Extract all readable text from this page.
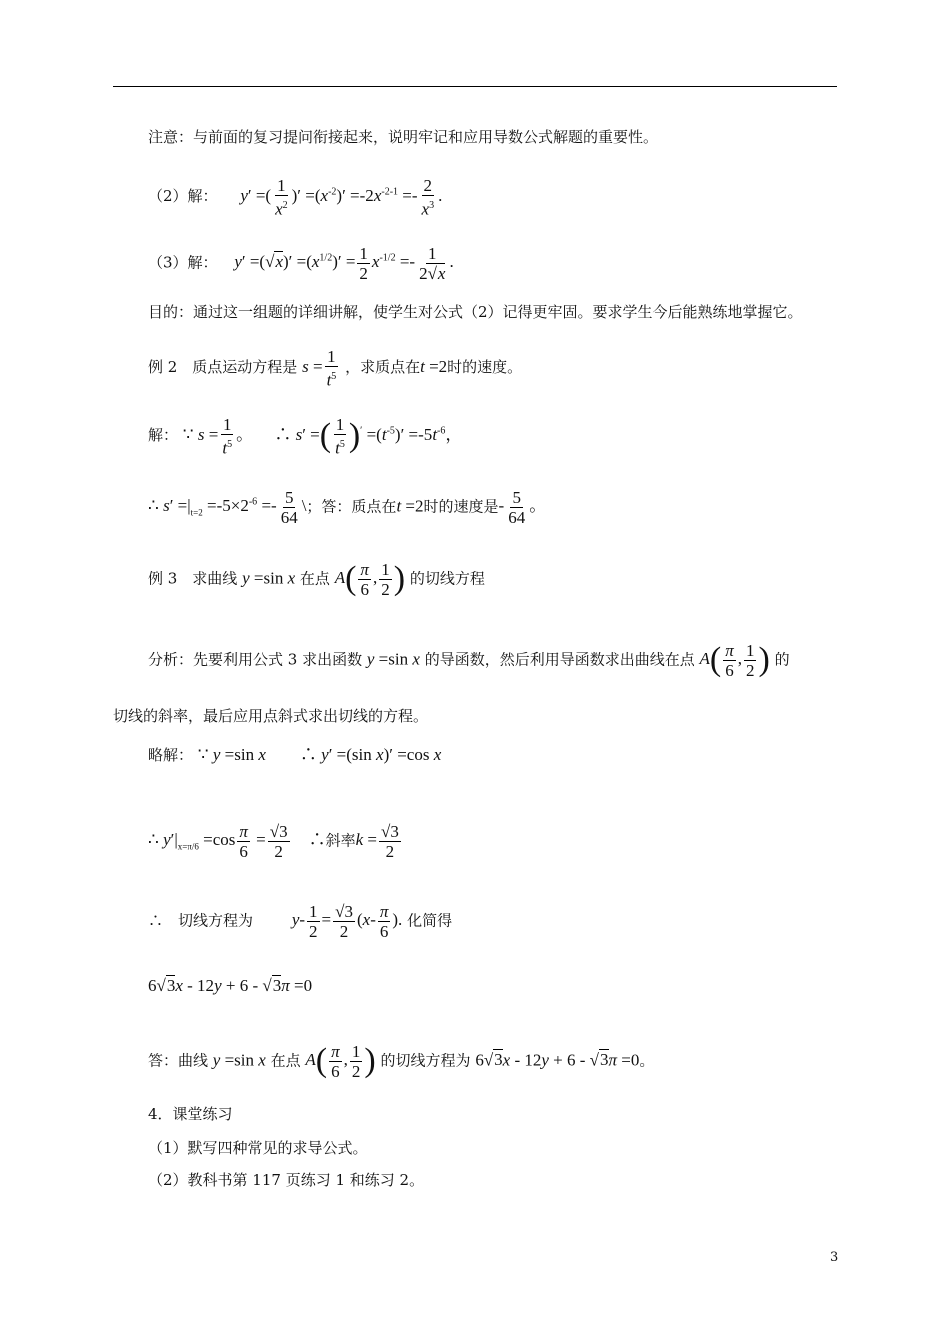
注意：与前面的复习提问衔接起来，说明牢记和应用导数公式解题的重要性。
（2）解： y′ =( $\frac{1}{x^2}$ )′ $=(x^{-2})' =-2x^{-2-1} =- \frac{2}{x^3}$ .
（3）解： $y' =(√x)' =(x^{1/2})' = \frac{1}{2} x^{-1/2} =- \frac{1}{2√x}$ .
目的：通过这一组题的详细讲解，使学生对公式（2）记得更牢固。要求学生今后能熟练地掌握它。
例 2　质点运动方程是 $s = \frac{1}{t^5}$ ，求质点在t =2时的速度。
解： ∵ $s = \frac{1}{t^5}$ 。 　∴ s′ =( $\frac{1}{t^5} )' =(t^{-5})' =-5t^{-6}$，
∴ $s' =|_{t=2} =-5\times 2^{-6} =- \frac{5}{64}$ \；答：质点在t =2时的速度是- $\frac{5}{64}$ 。
例 3　求曲线 y =sin x 在点 $A( \frac{\pi}{6}$ , $\frac{1}{2}$ ) 的切线方程
分析：先要利用公式 3 求出函数 y =sin x 的导函数，然后利用导函数求出曲线在点 $A( \frac{\pi}{6}$ , $\frac{1}{2}$ ) 的
切线的斜率，最后应用点斜式求出切线的方程。
略解： ∵ y =sin x　　∴ y′ =(sin x)′ =cos x
∴ $y'|_{x=\pi/6} =\cos \frac{\pi}{6} = \frac{√3}{2}$ 　∴斜率$k = \frac{√3}{2}$
∴　切线方程为 $y- \frac{1}{2} = \frac{√3}{2} (x- \frac{\pi}{6}$ ). 化简得
6√3x - 12y + 6 - √3π =0
答：曲线 y =sin x 在点 $A( \frac{\pi}{6}$ , $\frac{1}{2}$ ) 的切线方程为 6√3x - 12y + 6 - √3π =0。
4．课堂练习
（1）默写四种常见的求导公式。
（2）教科书第 117 页练习 1 和练习 2。
3
